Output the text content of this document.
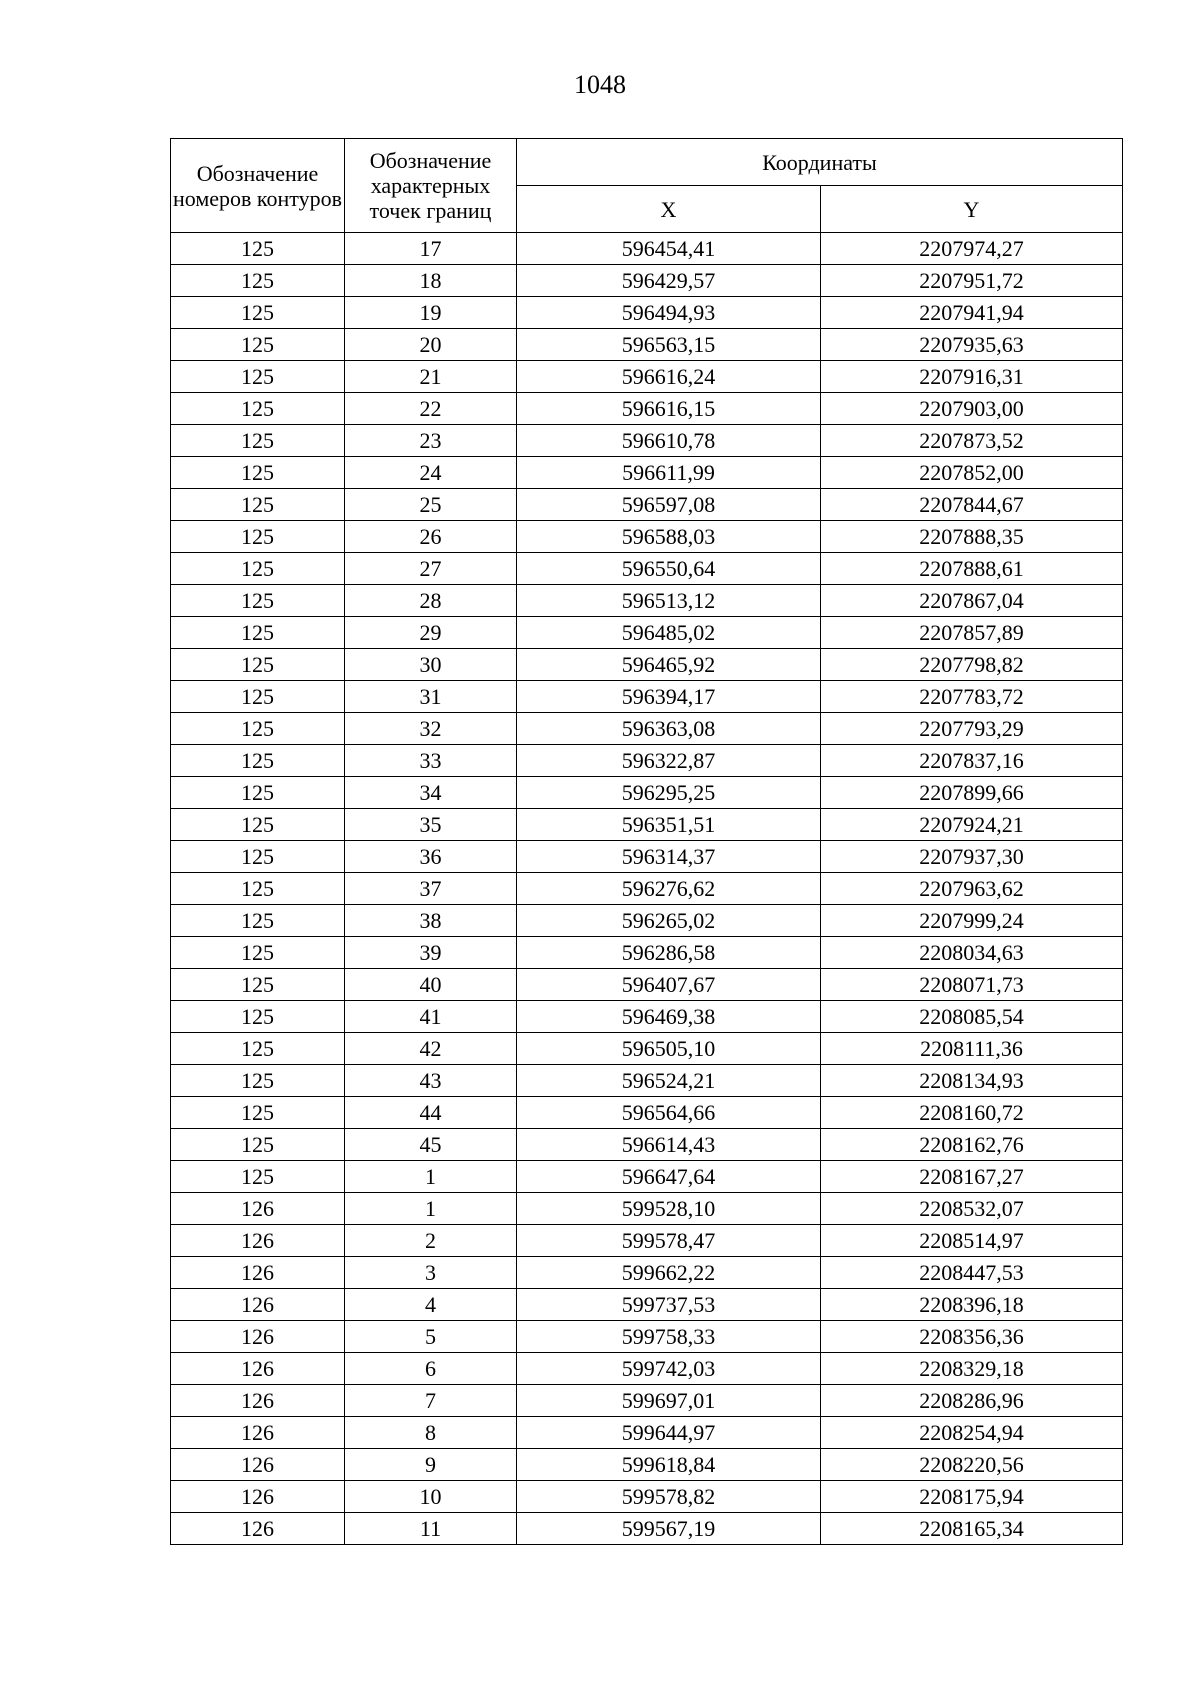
1048
Обозначение номеров контуров	Обозначение характерных точек границ	Координаты	
		X	Y
125	17	596454,41	2207974,27
125	18	596429,57	2207951,72
125	19	596494,93	2207941,94
125	20	596563,15	2207935,63
125	21	596616,24	2207916,31
125	22	596616,15	2207903,00
125	23	596610,78	2207873,52
125	24	596611,99	2207852,00
125	25	596597,08	2207844,67
125	26	596588,03	2207888,35
125	27	596550,64	2207888,61
125	28	596513,12	2207867,04
125	29	596485,02	2207857,89
125	30	596465,92	2207798,82
125	31	596394,17	2207783,72
125	32	596363,08	2207793,29
125	33	596322,87	2207837,16
125	34	596295,25	2207899,66
125	35	596351,51	2207924,21
125	36	596314,37	2207937,30
125	37	596276,62	2207963,62
125	38	596265,02	2207999,24
125	39	596286,58	2208034,63
125	40	596407,67	2208071,73
125	41	596469,38	2208085,54
125	42	596505,10	2208111,36
125	43	596524,21	2208134,93
125	44	596564,66	2208160,72
125	45	596614,43	2208162,76
125	1	596647,64	2208167,27
126	1	599528,10	2208532,07
126	2	599578,47	2208514,97
126	3	599662,22	2208447,53
126	4	599737,53	2208396,18
126	5	599758,33	2208356,36
126	6	599742,03	2208329,18
126	7	599697,01	2208286,96
126	8	599644,97	2208254,94
126	9	599618,84	2208220,56
126	10	599578,82	2208175,94
126	11	599567,19	2208165,34
